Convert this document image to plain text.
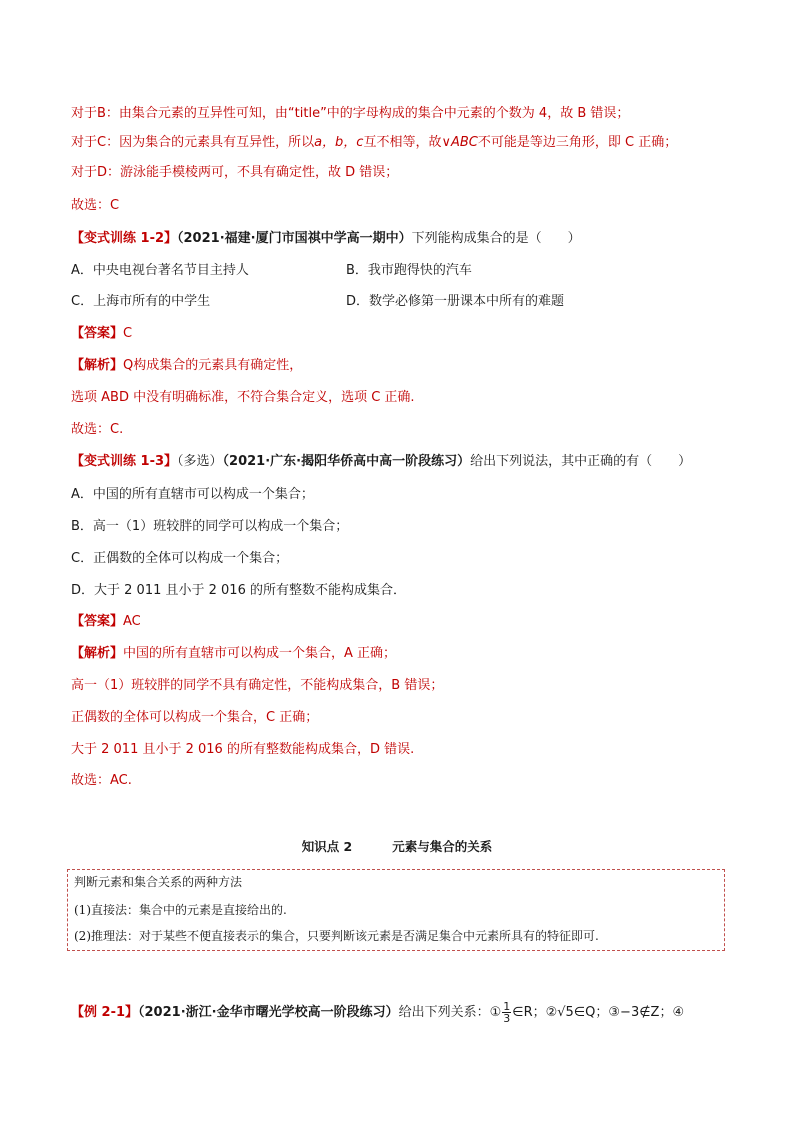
对于B：由集合元素的互异性可知，由“title”中的字母构成的集合中元素的个数为 4，故 B 错误；
对于C：因为集合的元素具有互异性，所以a，b，c互不相等，故∨ABC不可能是等边三角形，即 C 正确；
对于D：游泳能手模棱两可，不具有确定性，故 D 错误；
故选：C
【变式训练 1-2】（2021·福建·厦门市国祺中学高一期中）下列能构成集合的是（　　）
A．中央电视台著名节目主持人	B．我市跑得快的汽车
C．上海市所有的中学生	D．数学必修第一册课本中所有的难题
【答案】C
【解析】Q构成集合的元素具有确定性，
选项 ABD 中没有明确标准，不符合集合定义，选项 C 正确.
故选：C.
【变式训练 1-3】（多选）（2021·广东·揭阳华侨高中高一阶段练习）给出下列说法，其中正确的有（　　）
A．中国的所有直辖市可以构成一个集合；
B．高一（1）班较胖的同学可以构成一个集合；
C．正偶数的全体可以构成一个集合；
D．大于 2 011 且小于 2 016 的所有整数不能构成集合．
【答案】AC
【解析】中国的所有直辖市可以构成一个集合，A 正确；
高一（1）班较胖的同学不具有确定性，不能构成集合，B 错误；
正偶数的全体可以构成一个集合，C 正确；
大于 2 011 且小于 2 016 的所有整数能构成集合，D 错误.
故选：AC.
知识点 2	元素与集合的关系
判断元素和集合关系的两种方法
(1)直接法：集合中的元素是直接给出的.
(2)推理法：对于某些不便直接表示的集合，只要判断该元素是否满足集合中元素所具有的特征即可.
【例 2-1】（2021·浙江·金华市曙光学校高一阶段练习）给出下列关系：① $\frac{1}{3}$ ∈R；②√5∈Q；③−3∉Z；④
